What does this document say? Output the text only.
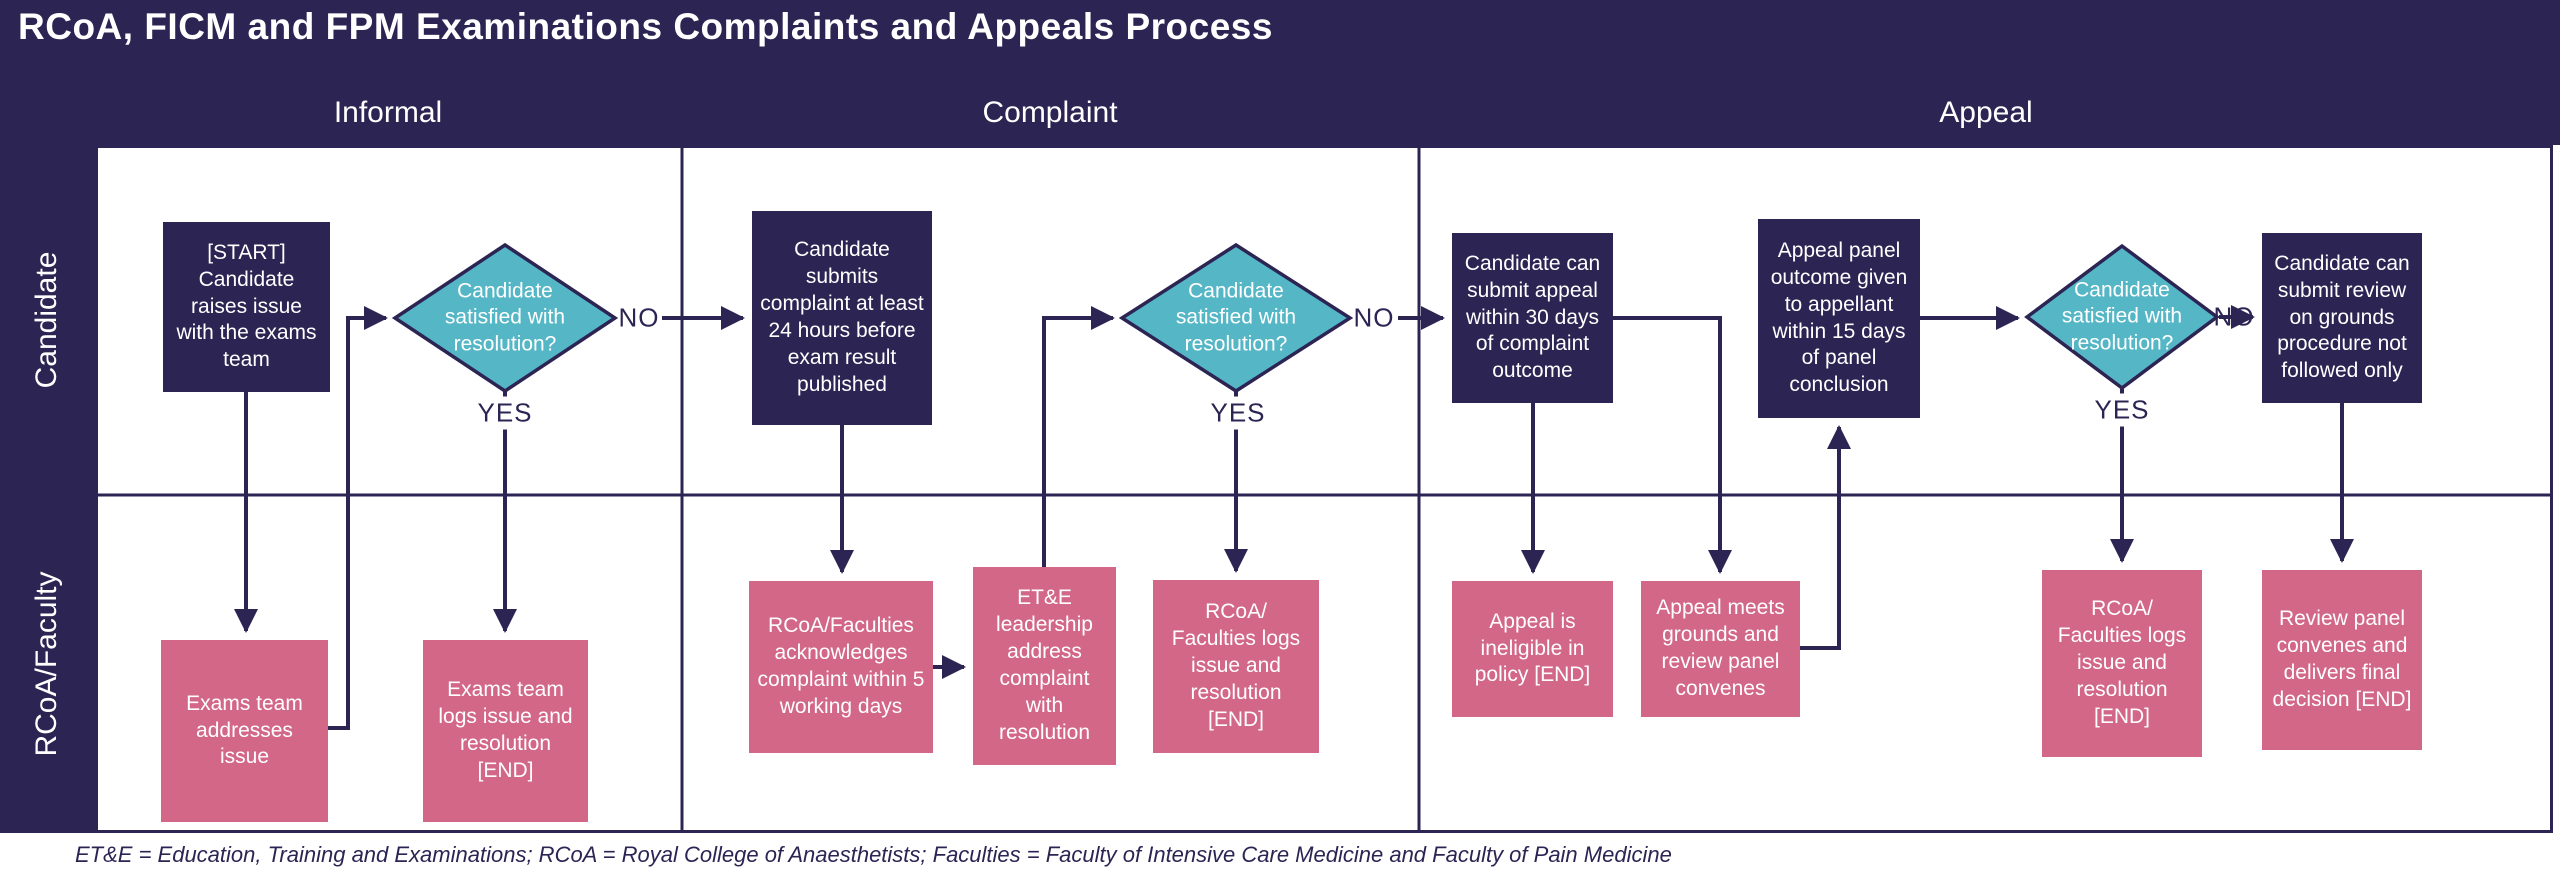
RCoA, FICM and FPM Examinations Complaints and Appeals Process
Informal	Complaint	Appeal
Candidate
RCoA/Faculty
[START] Candidate raises issue with the exams team
Candidate submits complaint at least 24 hours before exam result published
Candidate can submit appeal within 30 days of complaint outcome
Appeal panel outcome given to appellant within 15 days of panel conclusion
Candidate can submit review on grounds procedure not followed only
Candidate satisfied with resolution?
Candidate satisfied with resolution?
Candidate satisfied with resolution?
NO
YES
NO
YES
NO
YES
Exams team addresses issue
Exams team logs issue and resolution [END]
RCoA/Faculties acknowledges complaint within 5 working days
ET&E leadership address complaint with resolution
RCoA/ Faculties logs issue and resolution [END]
Appeal is ineligible in policy [END]
Appeal meets grounds and review panel convenes
RCoA/ Faculties logs issue and resolution [END]
Review panel convenes and delivers final decision [END]
ET&E = Education, Training and Examinations; RCoA = Royal College of Anaesthetists; Faculties = Faculty of Intensive Care Medicine and Faculty of Pain Medicine
